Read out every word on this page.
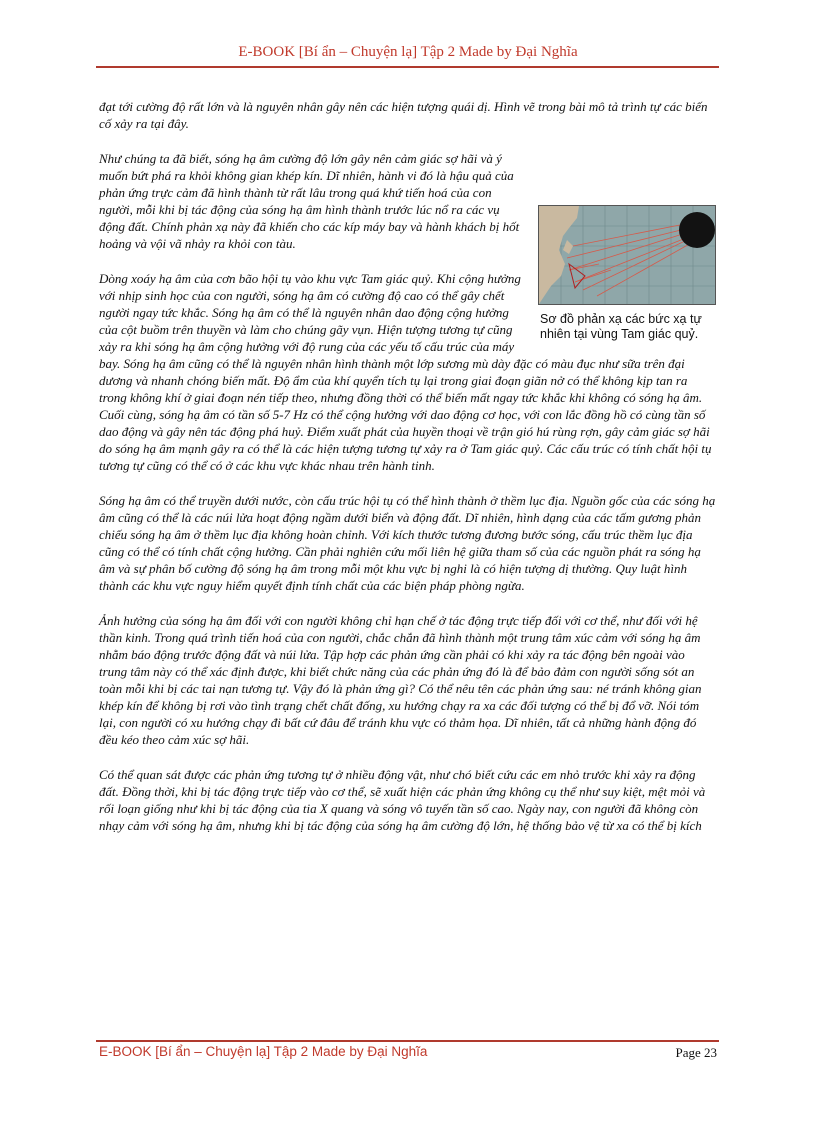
E-BOOK [Bí ẩn – Chuyện lạ] Tập 2 Made by Đại Nghĩa

đạt tới cường độ rất lớn và là nguyên nhân gây nên các hiện tượng quái dị. Hình vẽ trong bài mô tả trình tự các biến cố xảy ra tại đây.

Sơ đồ phản xạ các bức xạ tự nhiên tại vùng Tam giác quỷ.

Như chúng ta đã biết, sóng hạ âm cường độ lớn gây nên cảm giác sợ hãi và ý muốn bứt phá ra khỏi không gian khép kín. Dĩ nhiên, hành vi đó là hậu quả của phản ứng trực cảm đã hình thành từ rất lâu trong quá khứ tiến hoá của con người, mỗi khi bị tác động của sóng hạ âm hình thành trước lúc nổ ra các vụ động đất. Chính phản xạ này đã khiến cho các kíp máy bay và hành khách bị hốt hoảng và vội vã nhảy ra khỏi con tàu.

Dòng xoáy hạ âm của cơn bão hội tụ vào khu vực Tam giác quỷ. Khi cộng hưởng với nhịp sinh học của con người, sóng hạ âm có cường độ cao có thể gây chết người ngay tức khắc. Sóng hạ âm có thể là nguyên nhân dao động cộng hưởng của cột buồm trên thuyền và làm cho chúng gãy vụn. Hiện tượng tương tự cũng xảy ra khi sóng hạ âm cộng hưởng với độ rung của các yếu tố cấu trúc của máy bay. Sóng hạ âm cũng có thể là nguyên nhân hình thành một lớp sương mù dày đặc có màu đục như sữa trên đại dương và nhanh chóng biến mất. Độ ẩm của khí quyển tích tụ lại trong giai đoạn giãn nở có thể không kịp tan ra trong không khí ở giai đoạn nén tiếp theo, nhưng đồng thời có thể biến mất ngay tức khắc khi không có sóng hạ âm. Cuối cùng, sóng hạ âm có tần số 5-7 Hz có thể cộng hưởng với dao động cơ học, với con lắc đồng hồ có cùng tần số dao động và gây nên tác động phá huỷ. Điểm xuất phát của huyền thoại về trận gió hú rùng rợn, gây cảm giác sợ hãi do sóng hạ âm mạnh gây ra có thể là các hiện tượng tương tự xảy ra ở Tam giác quỷ. Các cấu trúc có tính chất hội tụ tương tự cũng có thể có ở các khu vực khác nhau trên hành tinh.

Sóng hạ âm có thể truyền dưới nước, còn cấu trúc hội tụ có thể hình thành ở thềm lục địa. Nguồn gốc của các sóng hạ âm cũng có thể là các núi lửa hoạt động ngầm dưới biển và động đất. Dĩ nhiên, hình dạng của các tấm gương phản chiếu sóng hạ âm ở thềm lục địa không hoàn chỉnh. Với kích thước tương đương bước sóng, cấu trúc thềm lục địa cũng có thể có tính chất cộng hưởng. Cần phải nghiên cứu mối liên hệ giữa tham số của các nguồn phát ra sóng hạ âm và sự phân bố cường độ sóng hạ âm trong mỗi một khu vực bị nghi là có hiện tượng dị thường. Quy luật hình thành các khu vực nguy hiểm quyết định tính chất của các biện pháp phòng ngừa.

Ảnh hưởng của sóng hạ âm đối với con người không chỉ hạn chế ở tác động trực tiếp đối với cơ thể, như đối với hệ thần kinh. Trong quá trình tiến hoá của con người, chắc chắn đã hình thành một trung tâm xúc cảm với sóng hạ âm nhằm báo động trước động đất và núi lửa. Tập hợp các phản ứng cần phải có khi xảy ra tác động bên ngoài vào trung tâm này có thể xác định được, khi biết chức năng của các phản ứng đó là để bảo đảm con người sống sót an toàn mỗi khi bị các tai nạn tương tự. Vậy đó là phản ứng gì? Có thể nêu tên các phản ứng sau: né tránh không gian khép kín để không bị rơi vào tình trạng chết chất đống, xu hướng chạy ra xa các đối tượng có thể bị đổ vỡ. Nói tóm lại, con người có xu hướng chạy đi bất cứ đâu để tránh khu vực có thảm họa. Dĩ nhiên, tất cả những hành động đó đều kéo theo cảm xúc sợ hãi.

Có thể quan sát được các phản ứng tương tự ở nhiều động vật, như chó biết cứu các em nhỏ trước khi xảy ra động đất. Đồng thời, khi bị tác động trực tiếp vào cơ thể, sẽ xuất hiện các phản ứng không cụ thể như suy kiệt, mệt mỏi và rối loạn giống như khi bị tác động của tia X quang và sóng vô tuyến tần số cao. Ngày nay, con người đã không còn nhạy cảm với sóng hạ âm, nhưng khi bị tác động của sóng hạ âm cường độ lớn, hệ thống bảo vệ từ xa có thể bị kích

E-BOOK [Bí ẩn – Chuyện lạ] Tập 2 Made by Đại Nghĩa	Page 23
